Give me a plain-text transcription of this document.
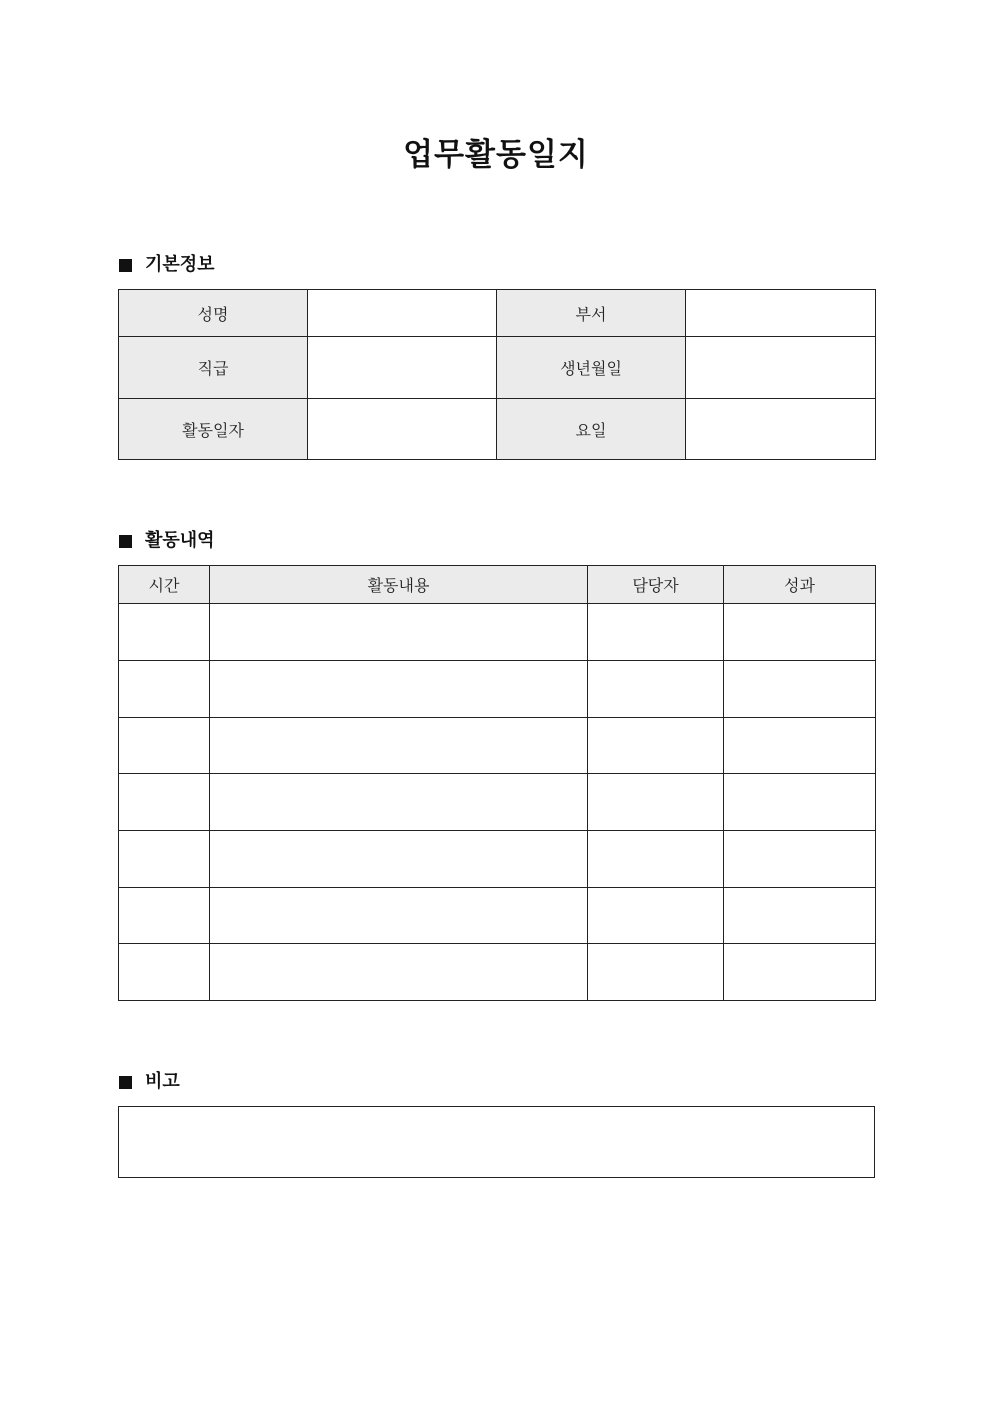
업무활동일지
기본정보
성명		부서	
직급		생년월일	
활동일자		요일	
활동내역
시간	활동내용	담당자	성과

비고
